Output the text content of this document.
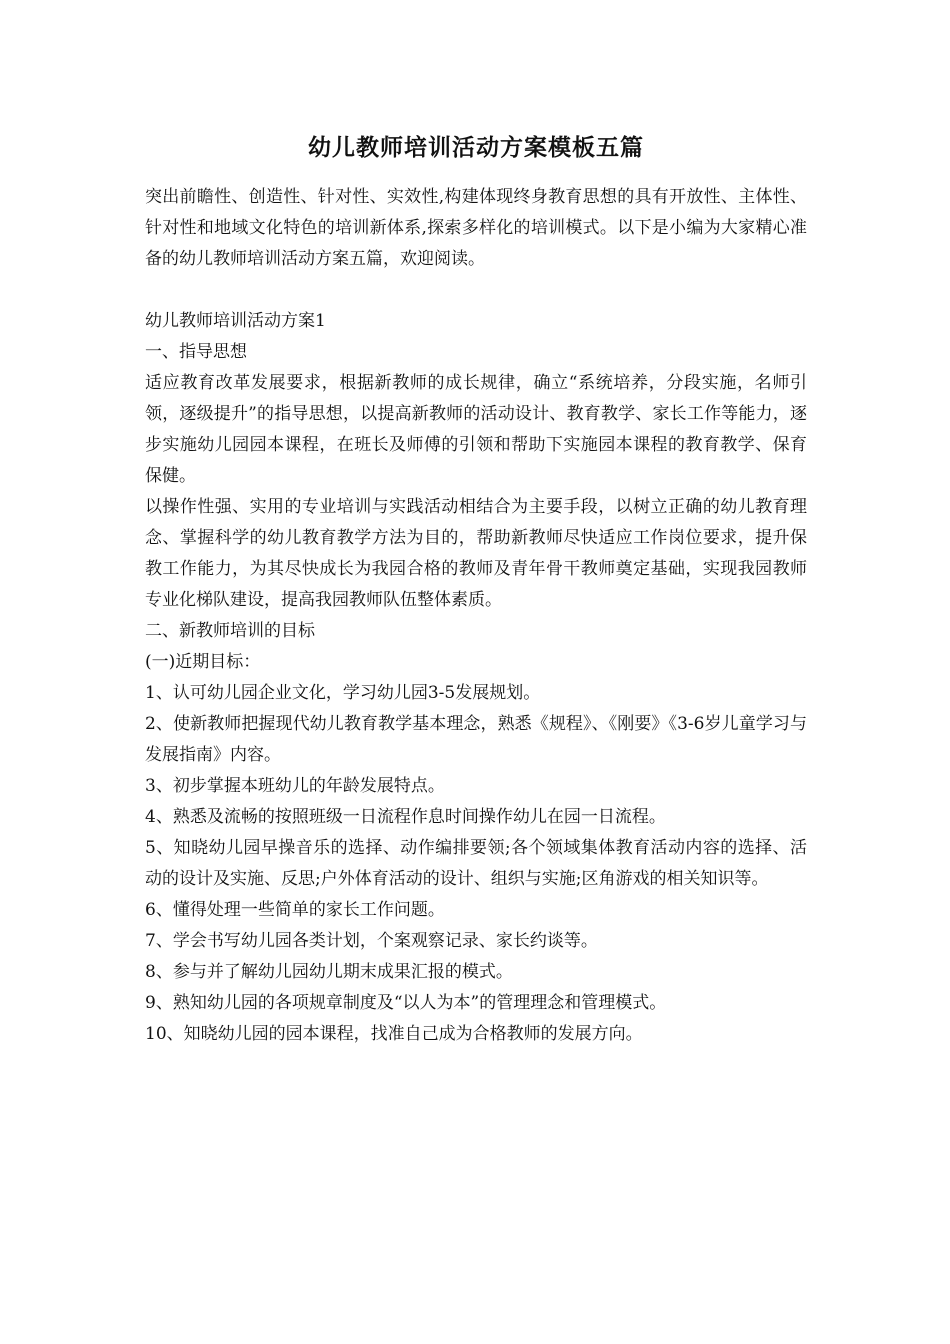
幼儿教师培训活动方案模板五篇

突出前瞻性、创造性、针对性、实效性,构建体现终身教育思想的具有开放性、主体性、针对性和地域文化特色的培训新体系,探索多样化的培训模式。以下是小编为大家精心准备的幼儿教师培训活动方案五篇，欢迎阅读。

幼儿教师培训活动方案1

一、指导思想

适应教育改革发展要求，根据新教师的成长规律，确立“系统培养，分段实施，名师引领，逐级提升”的指导思想，以提高新教师的活动设计、教育教学、家长工作等能力，逐步实施幼儿园园本课程，在班长及师傅的引领和帮助下实施园本课程的教育教学、保育保健。

以操作性强、实用的专业培训与实践活动相结合为主要手段，以树立正确的幼儿教育理念、掌握科学的幼儿教育教学方法为目的，帮助新教师尽快适应工作岗位要求，提升保教工作能力，为其尽快成长为我园合格的教师及青年骨干教师奠定基础，实现我园教师专业化梯队建设，提高我园教师队伍整体素质。

二、新教师培训的目标

(一)近期目标：

1、认可幼儿园企业文化，学习幼儿园3-5发展规划。

2、使新教师把握现代幼儿教育教学基本理念，熟悉《规程》、《刚要》《3-6岁儿童学习与发展指南》内容。

3、初步掌握本班幼儿的年龄发展特点。

4、熟悉及流畅的按照班级一日流程作息时间操作幼儿在园一日流程。

5、知晓幼儿园早操音乐的选择、动作编排要领;各个领域集体教育活动内容的选择、活动的设计及实施、反思;户外体育活动的设计、组织与实施;区角游戏的相关知识等。

6、懂得处理一些简单的家长工作问题。

7、学会书写幼儿园各类计划，个案观察记录、家长约谈等。

8、参与并了解幼儿园幼儿期末成果汇报的模式。

9、熟知幼儿园的各项规章制度及“以人为本”的管理理念和管理模式。

10、知晓幼儿园的园本课程，找准自己成为合格教师的发展方向。
